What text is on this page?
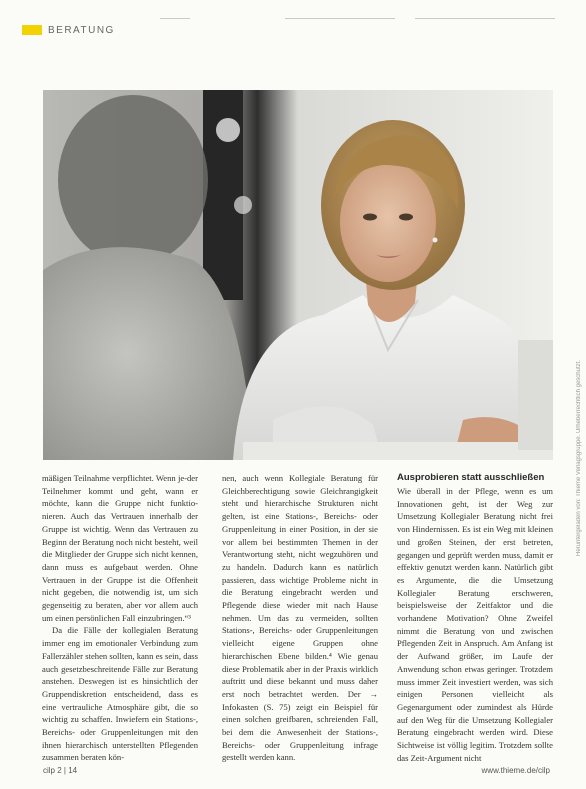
BERATUNG

mäßigen Teilnahme verpflichtet. Wenn je-der Teilnehmer kommt und geht, wann er möchte, kann die Gruppe nicht funktio-nieren. Auch das Vertrauen innerhalb der Gruppe ist wichtig. Wenn das Vertrauen zu Beginn der Beratung noch nicht besteht, weil die Mitglieder der Gruppe sich nicht kennen, dann muss es aufgebaut werden. Ohne Vertrauen in der Gruppe ist die Offenheit nicht gegeben, die notwendig ist, um sich gegenseitig zu beraten, aber vor allem auch um einen persönlichen Fall einzubringen.“³

Da die Fälle der kollegialen Beratung immer eng im emotionaler Verbindung zum Fallerzähler stehen sollten, kann es sein, dass auch gesetzbeschreitende Fälle zur Beratung anstehen. Deswegen ist es hinsichtlich der Gruppendiskretion entscheidend, dass es eine vertrauliche Atmosphäre gibt, die so wichtig zu schaffen. Inwiefern ein Stations-, Bereichs- oder Gruppenleitungen mit den ihnen hierarchisch unterstellten Pflegenden zusammen beraten kön-

nen, auch wenn Kollegiale Beratung für Gleichberechtigung sowie Gleichrangigkeit steht und hierarchische Strukturen nicht gelten, ist eine Stations-, Bereichs- oder Gruppenleitung in einer Position, in der sie vor allem bei bestimmten Themen in der Verantwortung steht, nicht wegzuhören und zu handeln. Dadurch kann es natürlich passieren, dass wichtige Probleme nicht in die Beratung eingebracht werden und Pflegende diese wieder mit nach Hause nehmen. Um das zu vermeiden, sollten Stations-, Bereichs- oder Gruppenleitungen vielleicht eigene Gruppen ohne hierarchischen Ebene bilden.⁴ Wie genau diese Problematik aber in der Praxis wirklich auftritt und diese bekannt und muss daher erst noch betrachtet werden. Der → Infokasten (S. 75) zeigt ein Beispiel für einen solchen greifbaren, schreienden Fall, bei dem die Anwesenheit der Stations-, Bereichs- oder Gruppenleitung infrage gestellt werden kann.

Ausprobieren statt ausschließen

Wie überall in der Pflege, wenn es um Innovationen geht, ist der Weg zur Umsetzung Kollegialer Beratung nicht frei von Hindernissen. Es ist ein Weg mit kleinen und großen Steinen, der erst betreten, gegangen und geprüft werden muss, damit er effektiv genutzt werden kann. Natürlich gibt es Argumente, die die Umsetzung Kollegialer Beratung erschweren, beispielsweise der Zeitfaktor und die vorhandene Motivation? Ohne Zweifel nimmt die Beratung von und zwischen Pflegenden Zeit in Anspruch. Am Anfang ist der Aufwand größer, im Laufe der Anwendung schon etwas geringer. Trotzdem muss immer Zeit investiert werden, was sich einigen Personen vielleicht als Gegenargument oder zumindest als Hürde auf den Weg für die Umsetzung Kollegialer Beratung eingebracht werden wird. Diese Sichtweise ist völlig legitim. Trotzdem sollte das Zeit-Argument nicht

cilp 2 | 14	www.thieme.de/cilp
Heruntergeladen von: Thieme Verlagsgruppe. Urheberrechtlich geschützt.
